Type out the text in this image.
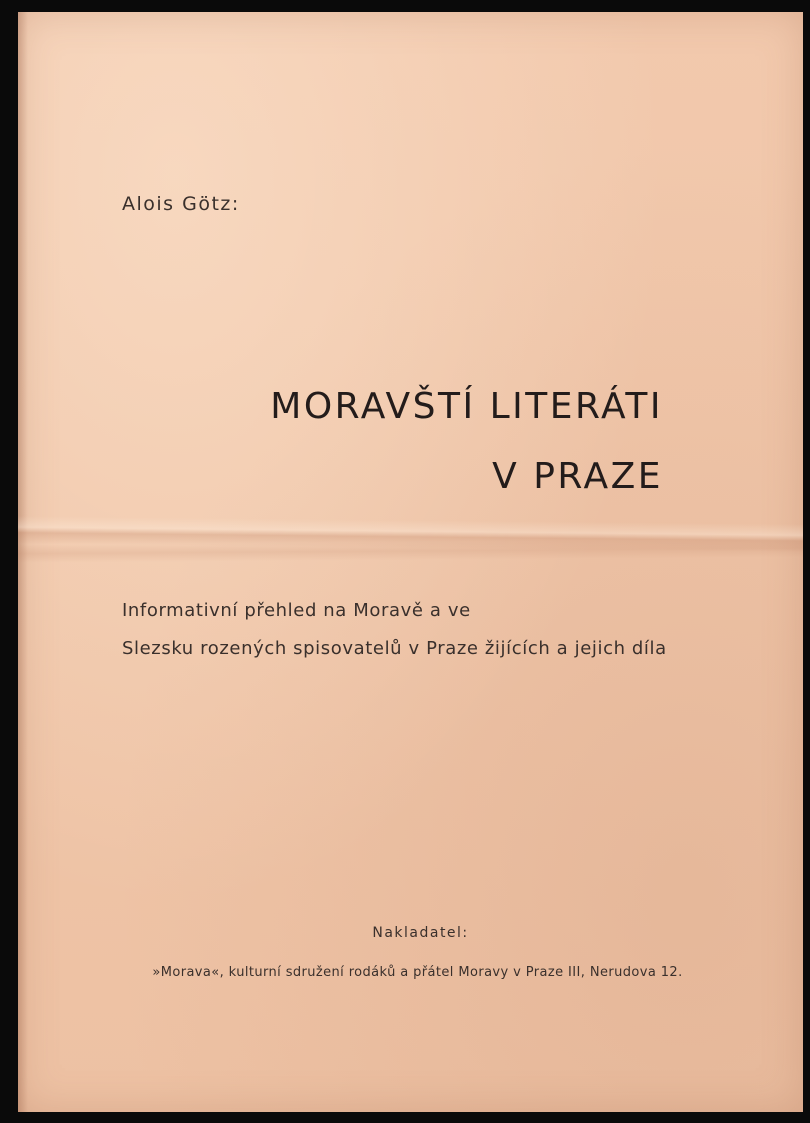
Alois Götz:
MORAVŠTÍ LITERÁTI
V PRAZE
Informativní přehled na Moravě a ve
Slezsku rozených spisovatelů v Praze žijících a jejich díla
Nakladatel:
»Morava«, kulturní sdružení rodáků a přátel Moravy v Praze III, Nerudova 12.
